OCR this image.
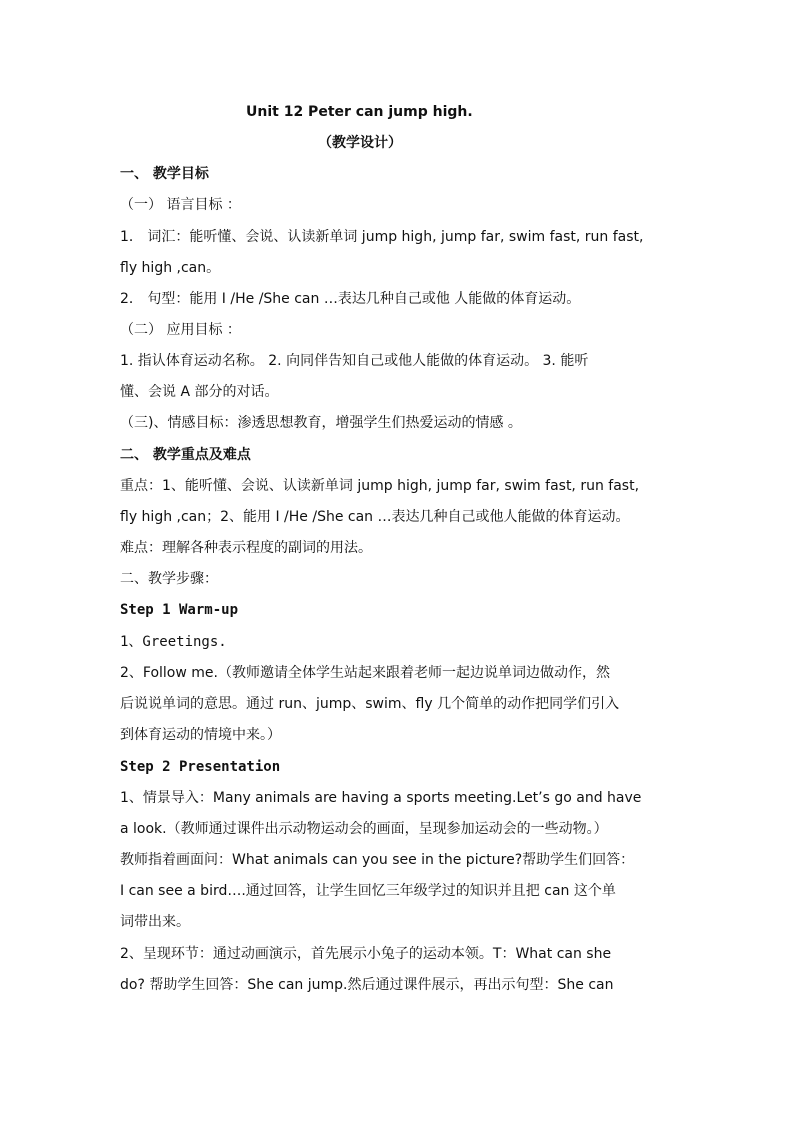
Unit 12 Peter can jump high.
（教学设计）
一、 教学目标
（一） 语言目标 ：
1． 词汇：能听懂、会说、认读新单词 jump high, jump far, swim fast, run fast,
fly high ,can。
2． 句型：能用 I /He /She can …表达几种自己或他 人能做的体育运动。
（二） 应用目标 ：
1. 指认体育运动名称。 2. 向同伴告知自己或他人能做的体育运动。 3. 能听
懂、会说 A 部分的对话。
（三)、情感目标：渗透思想教育，增强学生们热爱运动的情感 。
二、 教学重点及难点
重点：1、能听懂、会说、认读新单词 jump high, jump far, swim fast, run fast,
fly high ,can；2、能用 I /He /She can …表达几种自己或他人能做的体育运动。
难点：理解各种表示程度的副词的用法。
二、教学步骤：
Step 1 Warm-up
1、Greetings.
2、Follow me.（教师邀请全体学生站起来跟着老师一起边说单词边做动作，然
后说说单词的意思。通过 run、jump、swim、fly 几个简单的动作把同学们引入
到体育运动的情境中来。）
Step 2 Presentation
1、情景导入：Many animals are having a sports meeting.Let’s go and have
a look.（教师通过课件出示动物运动会的画面，呈现参加运动会的一些动物。）
教师指着画面问：What animals can you see in the picture?帮助学生们回答：
I can see a bird….通过回答，让学生回忆三年级学过的知识并且把 can 这个单
词带出来。
2、呈现环节：通过动画演示，首先展示小兔子的运动本领。T：What can she
do? 帮助学生回答：She can jump.然后通过课件展示，再出示句型：She can
